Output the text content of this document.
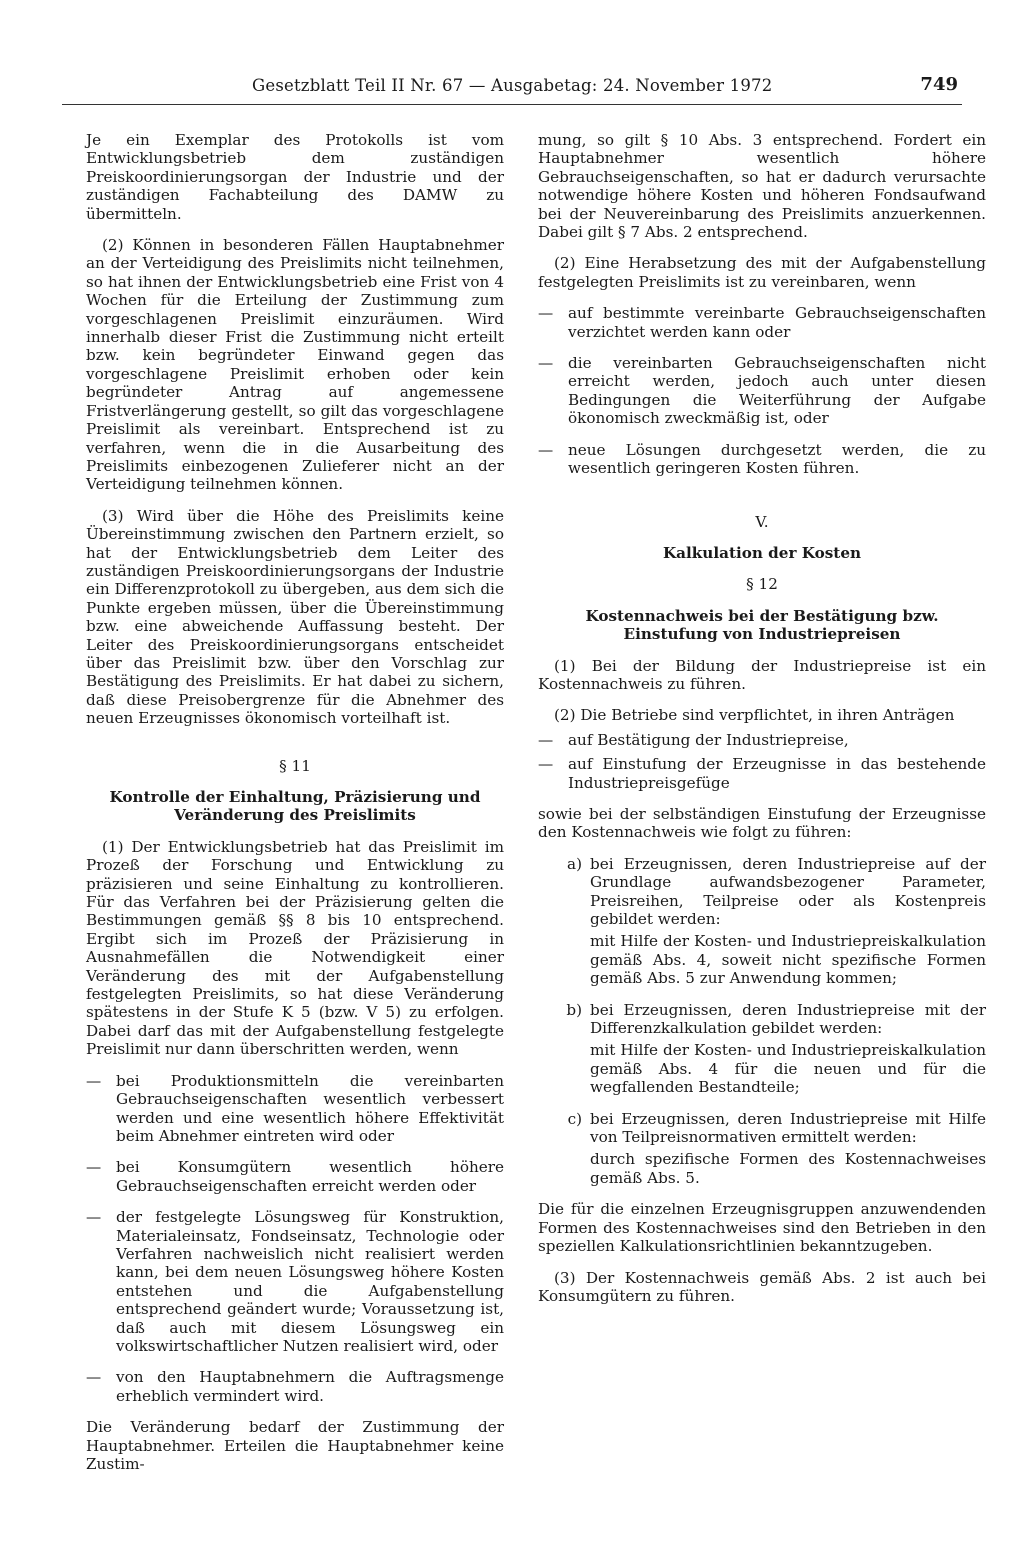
Gesetzblatt Teil II Nr. 67 — Ausgabetag: 24. November 1972	749

Je ein Exemplar des Protokolls ist vom Entwicklungsbetrieb dem zuständigen Preiskoordinierungsorgan der Industrie und der zuständigen Fachabteilung des DAMW zu übermitteln.

(2) Können in besonderen Fällen Hauptabnehmer an der Verteidigung des Preislimits nicht teilnehmen, so hat ihnen der Entwicklungsbetrieb eine Frist von 4 Wochen für die Erteilung der Zustimmung zum vorgeschlagenen Preislimit einzuräumen. Wird innerhalb dieser Frist die Zustimmung nicht erteilt bzw. kein begründeter Einwand gegen das vorgeschlagene Preislimit erhoben oder kein begründeter Antrag auf angemessene Fristverlängerung gestellt, so gilt das vorgeschlagene Preislimit als vereinbart. Entsprechend ist zu verfahren, wenn die in die Ausarbeitung des Preislimits einbezogenen Zulieferer nicht an der Verteidigung teilnehmen können.

(3) Wird über die Höhe des Preislimits keine Übereinstimmung zwischen den Partnern erzielt, so hat der Entwicklungsbetrieb dem Leiter des zuständigen Preiskoordinierungsorgans der Industrie ein Differenzprotokoll zu übergeben, aus dem sich die Punkte ergeben müssen, über die Übereinstimmung bzw. eine abweichende Auffassung besteht. Der Leiter des Preiskoordinierungsorgans entscheidet über das Preislimit bzw. über den Vorschlag zur Bestätigung des Preislimits. Er hat dabei zu sichern, daß diese Preisobergrenze für die Abnehmer des neuen Erzeugnisses ökonomisch vorteilhaft ist.

§ 11

Kontrolle der Einhaltung, Präzisierung und Veränderung des Preislimits

(1) Der Entwicklungsbetrieb hat das Preislimit im Prozeß der Forschung und Entwicklung zu präzisieren und seine Einhaltung zu kontrollieren. Für das Verfahren bei der Präzisierung gelten die Bestimmungen gemäß §§ 8 bis 10 entsprechend. Ergibt sich im Prozeß der Präzisierung in Ausnahmefällen die Notwendigkeit einer Veränderung des mit der Aufgabenstellung festgelegten Preislimits, so hat diese Veränderung spätestens in der Stufe K 5 (bzw. V 5) zu erfolgen. Dabei darf das mit der Aufgabenstellung festgelegte Preislimit nur dann überschritten werden, wenn

— bei Produktionsmitteln die vereinbarten Gebrauchseigenschaften wesentlich verbessert werden und eine wesentlich höhere Effektivität beim Abnehmer eintreten wird oder
— bei Konsumgütern wesentlich höhere Gebrauchseigenschaften erreicht werden oder
— der festgelegte Lösungsweg für Konstruktion, Materialeinsatz, Fondseinsatz, Technologie oder Verfahren nachweislich nicht realisiert werden kann, bei dem neuen Lösungsweg höhere Kosten entstehen und die Aufgabenstellung entsprechend geändert wurde; Voraussetzung ist, daß auch mit diesem Lösungsweg ein volkswirtschaftlicher Nutzen realisiert wird, oder
— von den Hauptabnehmern die Auftragsmenge erheblich vermindert wird.

Die Veränderung bedarf der Zustimmung der Hauptabnehmer. Erteilen die Hauptabnehmer keine Zustim-

mung, so gilt § 10 Abs. 3 entsprechend. Fordert ein Hauptabnehmer wesentlich höhere Gebrauchseigenschaften, so hat er dadurch verursachte notwendige höhere Kosten und höheren Fondsaufwand bei der Neuvereinbarung des Preislimits anzuerkennen. Dabei gilt § 7 Abs. 2 entsprechend.

(2) Eine Herabsetzung des mit der Aufgabenstellung festgelegten Preislimits ist zu vereinbaren, wenn

— auf bestimmte vereinbarte Gebrauchseigenschaften verzichtet werden kann oder
— die vereinbarten Gebrauchseigenschaften nicht erreicht werden, jedoch auch unter diesen Bedingungen die Weiterführung der Aufgabe ökonomisch zweckmäßig ist, oder
— neue Lösungen durchgesetzt werden, die zu wesentlich geringeren Kosten führen.

V.

Kalkulation der Kosten

§ 12

Kostennachweis bei der Bestätigung bzw. Einstufung von Industriepreisen

(1) Bei der Bildung der Industriepreise ist ein Kostennachweis zu führen.

(2) Die Betriebe sind verpflichtet, in ihren Anträgen

— auf Bestätigung der Industriepreise,
— auf Einstufung der Erzeugnisse in das bestehende Industriepreisgefüge

sowie bei der selbständigen Einstufung der Erzeugnisse den Kostennachweis wie folgt zu führen:

a) bei Erzeugnissen, deren Industriepreise auf der Grundlage aufwandsbezogener Parameter, Preisreihen, Teilpreise oder als Kostenpreis gebildet werden:

mit Hilfe der Kosten- und Industriepreiskalkulation gemäß Abs. 4, soweit nicht spezifische Formen gemäß Abs. 5 zur Anwendung kommen;

b) bei Erzeugnissen, deren Industriepreise mit der Differenzkalkulation gebildet werden:

mit Hilfe der Kosten- und Industriepreiskalkulation gemäß Abs. 4 für die neuen und für die wegfallenden Bestandteile;

c) bei Erzeugnissen, deren Industriepreise mit Hilfe von Teilpreisnormativen ermittelt werden:

durch spezifische Formen des Kostennachweises gemäß Abs. 5.

Die für die einzelnen Erzeugnisgruppen anzuwendenden Formen des Kostennachweises sind den Betrieben in den speziellen Kalkulationsrichtlinien bekanntzugeben.

(3) Der Kostennachweis gemäß Abs. 2 ist auch bei Konsumgütern zu führen.
